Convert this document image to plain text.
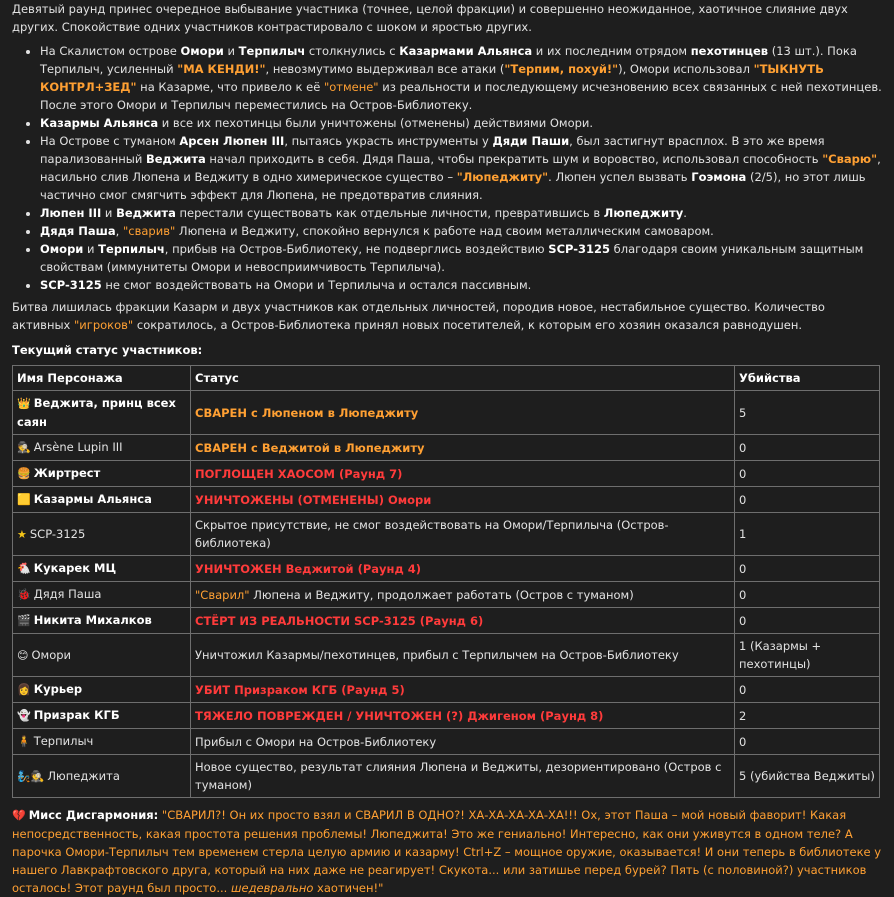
Девятый раунд принес очередное выбывание участника (точнее, целой фракции) и совершенно неожиданное, хаотичное слияние двух других. Спокойствие одних участников контрастировало с шоком и яростью других.

• На Скалистом острове Омори и Терпилыч столкнулись с Казармами Альянса и их последним отрядом пехотинцев (13 шт.). Пока Терпилыч, усиленный "МА КЕНДИ!", невозмутимо выдерживал все атаки ("Терпим, похуй!"), Омори использовал "ТЫКНУТЬ КОНТРЛ+ЗЕД" на Казарме, что привело к её "отмене" из реальности и последующему исчезновению всех связанных с ней пехотинцев. После этого Омори и Терпилыч переместились на Остров-Библиотеку.
• Казармы Альянса и все их пехотинцы были уничтожены (отменены) действиями Омори.
• На Острове с туманом Арсен Люпен III, пытаясь украсть инструменты у Дяди Паши, был застигнут врасплох. В это же время парализованный Веджита начал приходить в себя. Дядя Паша, чтобы прекратить шум и воровство, использовал способность "Сварю", насильно слив Люпена и Веджиту в одно химерическое существо – "Люпеджиту". Люпен успел вызвать Гоэмона (2/5), но этот лишь частично смог смягчить эффект для Люпена, не предотвратив слияния.
• Люпен III и Веджита перестали существовать как отдельные личности, превратившись в Люпеджиту.
• Дядя Паша, "сварив" Люпена и Веджиту, спокойно вернулся к работе над своим металлическим самоваром.
• Омори и Терпилыч, прибыв на Остров-Библиотеку, не подверглись воздействию SCP-3125 благодаря своим уникальным защитным свойствам (иммунитеты Омори и невосприимчивость Терпилыча).
• SCP-3125 не смог воздействовать на Омори и Терпилыча и остался пассивным.

Битва лишилась фракции Казарм и двух участников как отдельных личностей, породив новое, нестабильное существо. Количество активных "игроков" сократилось, а Остров-Библиотека принял новых посетителей, к которым его хозяин оказался равнодушен.

Текущий статус участников:

Имя Персонажа	Статус	Убийства
👑 Веджита, принц всех саян	СВАРЕН с Люпеном в Люпеджиту	5
🕵 Arsène Lupin III	СВАРЕН с Веджитой в Люпеджиту	0
🍔 Жиртрест	ПОГЛОЩЕН ХАОСОМ (Раунд 7)	0
🟨 Казармы Альянса	УНИЧТОЖЕНЫ (ОТМЕНЕНЫ) Омори	0
★ SCP-3125	Скрытое присутствие, не смог воздействовать на Омори/Терпилыча (Остров-библиотека)	1
🐔 Кукарек МЦ	УНИЧТОЖЕН Веджитой (Раунд 4)	0
🐞 Дядя Паша	"Сварил" Люпена и Веджиту, продолжает работать (Остров с туманом)	0
🎬 Никита Михалков	СТЁРТ ИЗ РЕАЛЬНОСТИ SCP-3125 (Раунд 6)	0
😊 Омори	Уничтожил Казармы/пехотинцев, прибыл с Терпилычем на Остров-Библиотеку	1 (Казармы + пехотинцы)
👩 Курьер	УБИТ Призраком КГБ (Раунд 5)	0
👻 Призрак КГБ	ТЯЖЕЛО ПОВРЕЖДЕН / УНИЧТОЖЕН (?) Джигеном (Раунд 8)	2
🧍 Терпилыч	Прибыл с Омори на Остров-Библиотеку	0
🧞🕵 Люпеджита	Новое существо, результат слияния Люпена и Веджиты, дезориентировано (Остров с туманом)	5 (убийства Веджиты)

💔 Мисс Дисгармония: "СВАРИЛ?! Он их просто взял и СВАРИЛ В ОДНО?! ХА-ХА-ХА-ХА-ХА!!! Ох, этот Паша – мой новый фаворит! Какая непосредственность, какая простота решения проблемы! Люпеджита! Это же гениально! Интересно, как они уживутся в одном теле? А парочка Омори-Терпилыч тем временем стерла целую армию и казарму! Ctrl+Z – мощное оружие, оказывается! И они теперь в библиотеке у нашего Лавкрафтовского друга, который на них даже не реагирует! Скукота... или затишье перед бурей? Пять (с половиной?) участников осталось! Этот раунд был просто... шедеврально хаотичен!"
